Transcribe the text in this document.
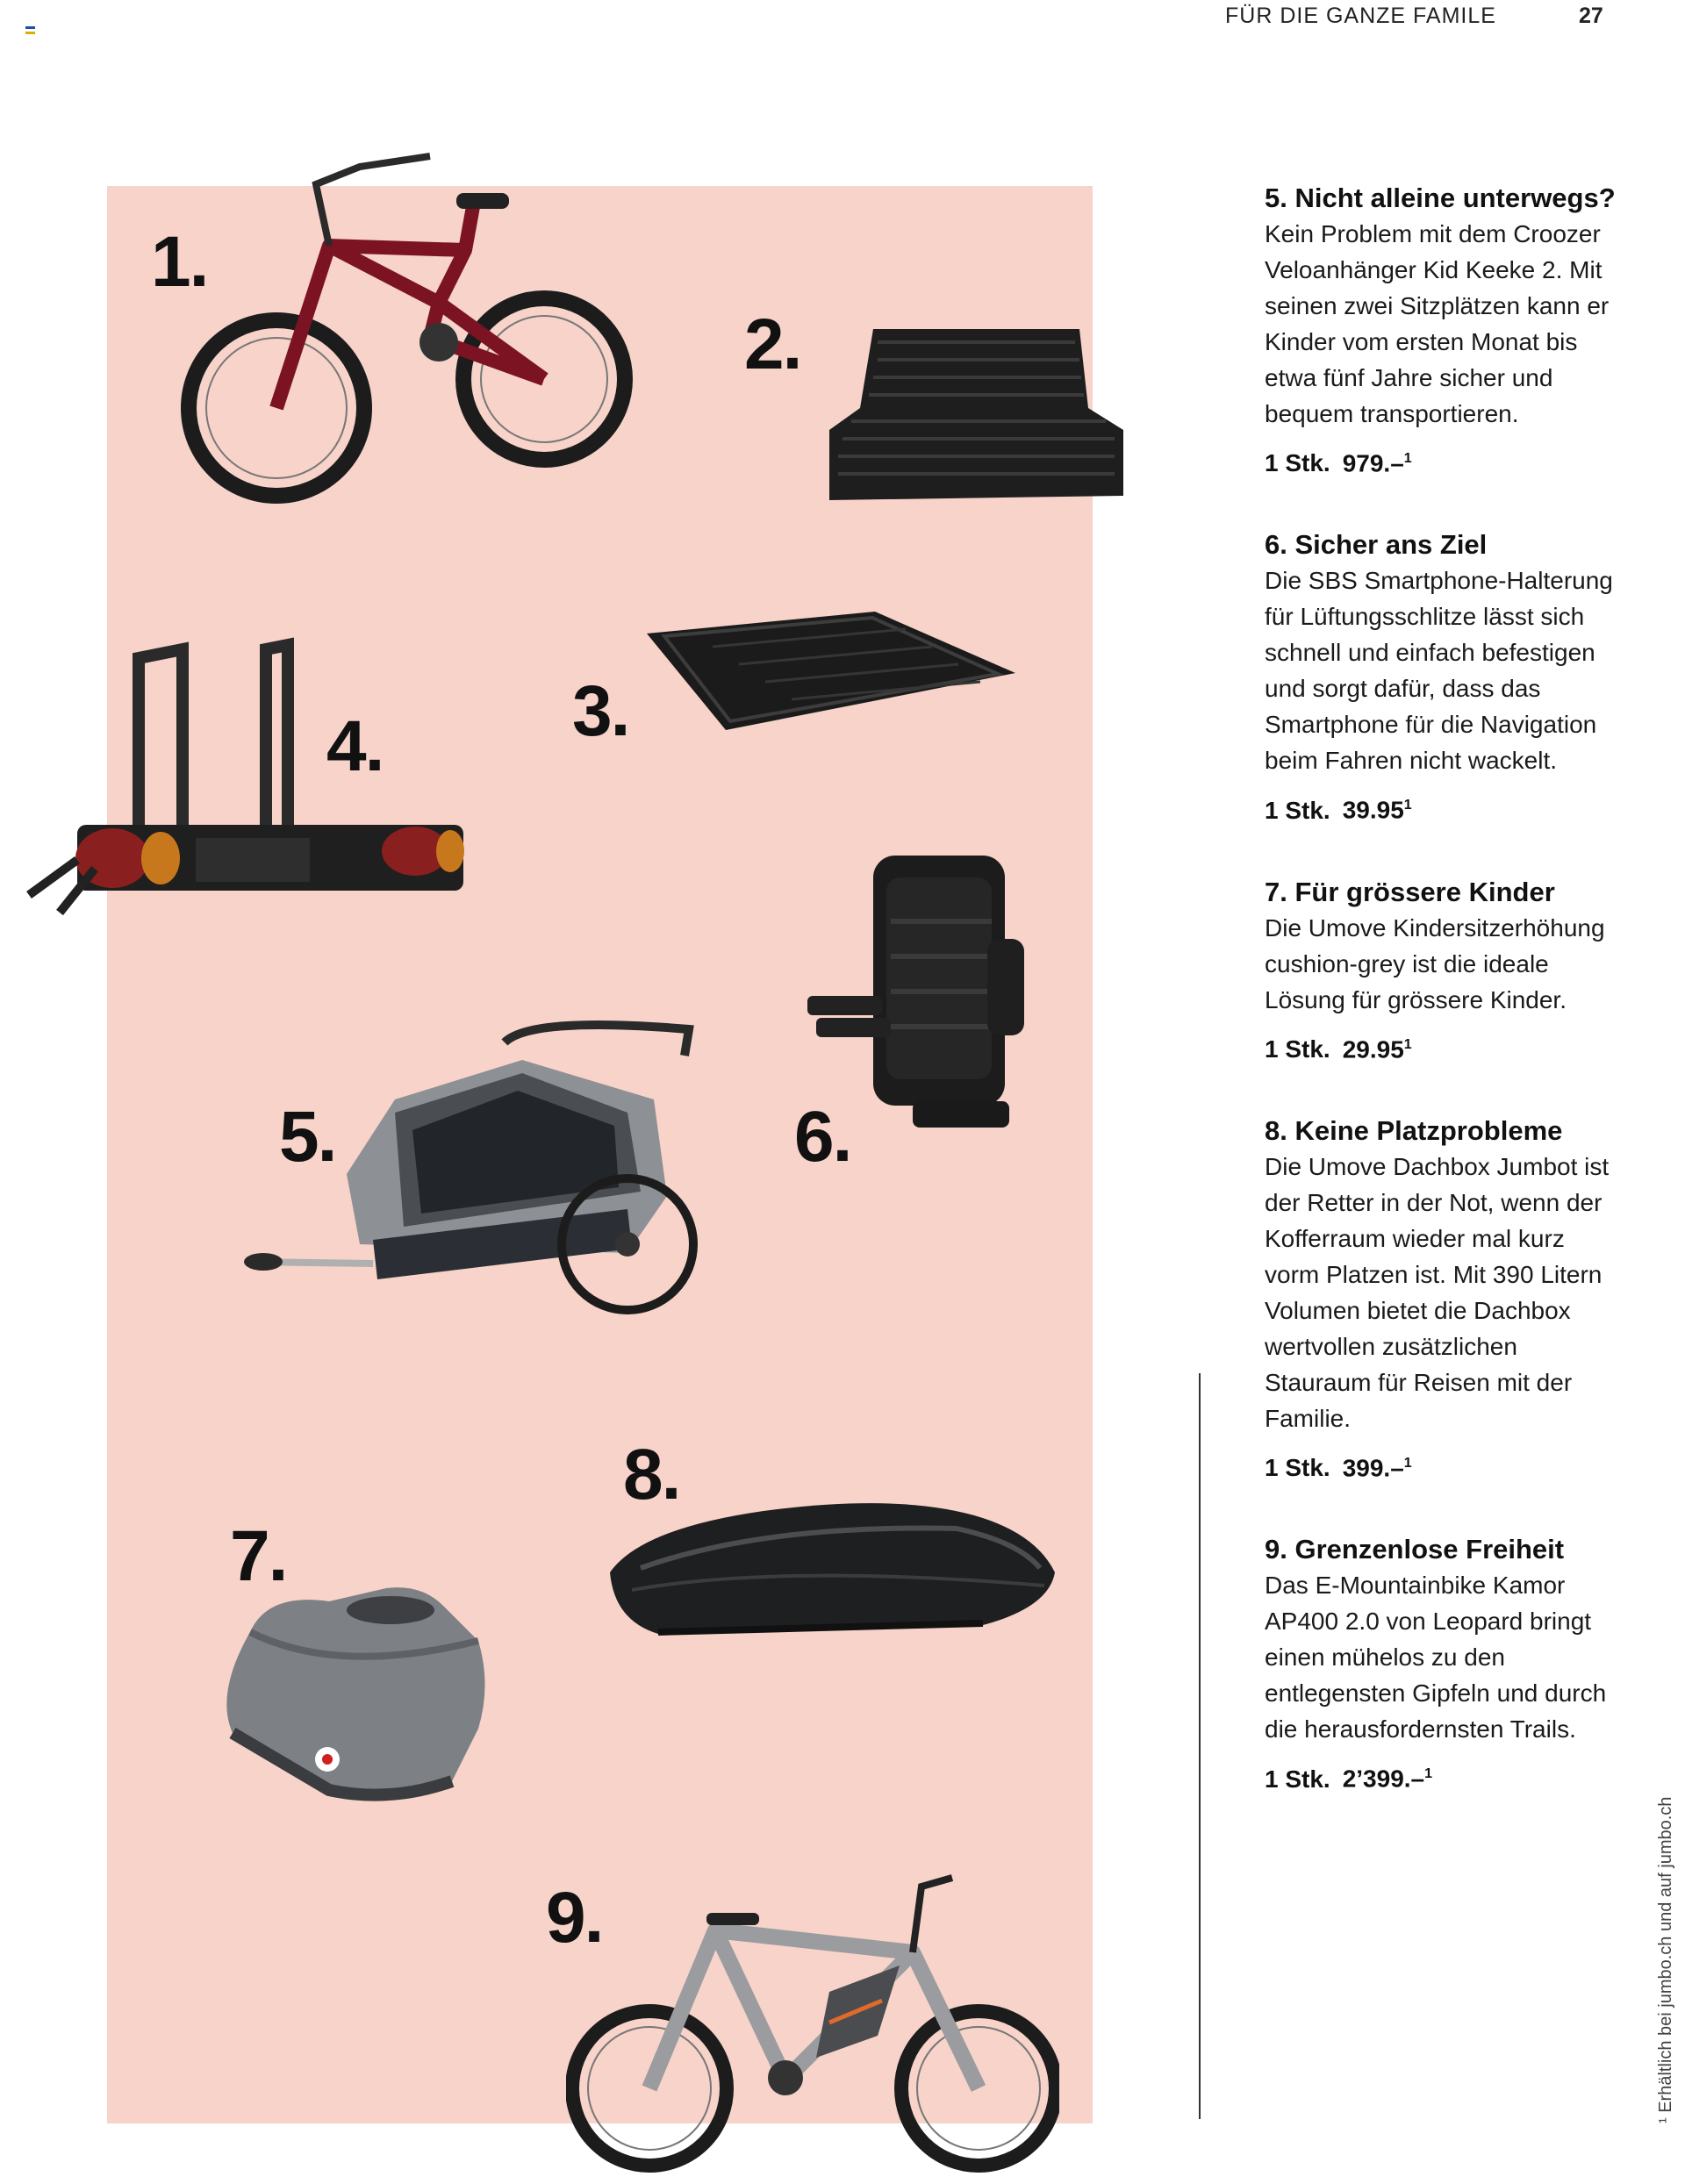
FÜR DIE GANZE FAMILE	27
1.
2.
3.
4.
5.	6.
7.
8.
9.
5. Nicht alleine unterwegs?

Kein Problem mit dem Croozer Veloanhänger Kid Keeke 2. Mit seinen zwei Sitzplätzen kann er Kinder vom ersten Monat bis etwa fünf Jahre sicher und bequem transportieren.

1 Stk. 979.–$^1$
6. Sicher ans Ziel

Die SBS Smartphone-Halterung für Lüftungsschlitze lässt sich schnell und einfach befestigen und sorgt dafür, dass das Smartphone für die Navigation beim Fahren nicht wackelt.

1 Stk. 39.95$^1$
7. Für grössere Kinder

Die Umove Kindersitzerhöhung cushion-grey ist die ideale Lösung für grössere Kinder.

1 Stk. 29.95$^1$
8. Keine Platzprobleme

Die Umove Dachbox Jumbot ist der Retter in der Not, wenn der Kofferraum wieder mal kurz vorm Platzen ist. Mit 390 Litern Volumen bietet die Dachbox wertvollen zusätzlichen Stauraum für Reisen mit der Familie.

1 Stk. 399.–$^1$
9. Grenzenlose Freiheit

Das E-Mountainbike Kamor AP400 2.0 von Leopard bringt einen mühelos zu den entlegensten Gipfeln und durch die herausfordernsten Trails.

1 Stk. 2’399.–$^1$
¹ Erhältlich bei jumbo.ch und auf jumbo.ch
